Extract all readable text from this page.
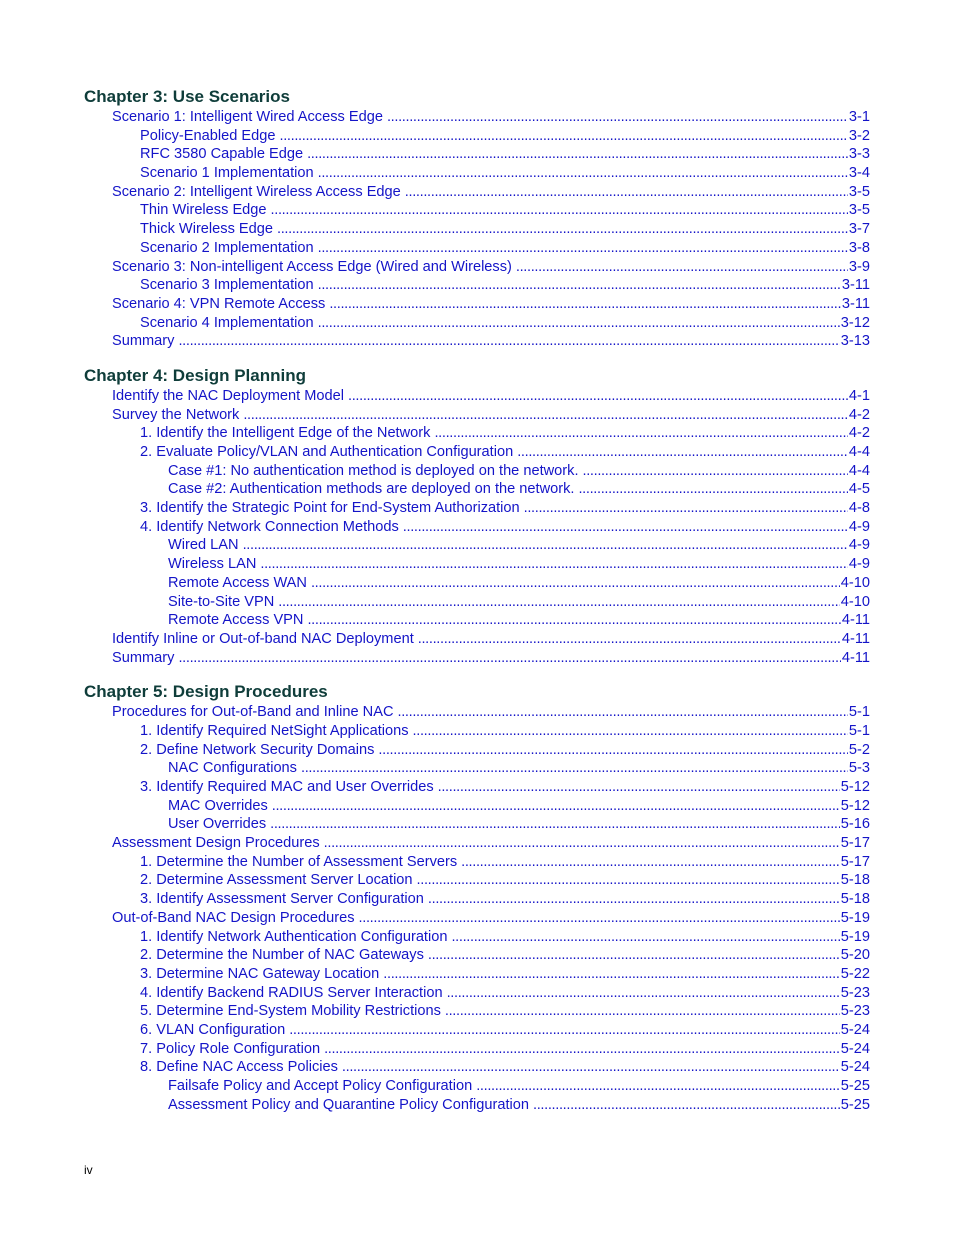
Chapter 3: Use Scenarios
Scenario 1: Intelligent Wired Access Edge . . .	3-1
Policy-Enabled Edge . . .	3-2
RFC 3580 Capable Edge . . .	3-3
Scenario 1 Implementation . . .	3-4
Scenario 2: Intelligent Wireless Access Edge . . .	3-5
Thin Wireless Edge . . .	3-5
Thick Wireless Edge . . .	3-7
Scenario 2 Implementation . . .	3-8
Scenario 3: Non-intelligent Access Edge (Wired and Wireless) . . .	3-9
Scenario 3 Implementation . . .	3-11
Scenario 4: VPN Remote Access . . .	3-11
Scenario 4 Implementation . . .	3-12
Summary . . .	3-13
Chapter 4: Design Planning
Identify the NAC Deployment Model . . .	4-1
Survey the Network . . .	4-2
1. Identify the Intelligent Edge of the Network . . .	4-2
2. Evaluate Policy/VLAN and Authentication Configuration . . .	4-4
Case #1: No authentication method is deployed on the network. . . .	4-4
Case #2: Authentication methods are deployed on the network. . . .	4-5
3. Identify the Strategic Point for End-System Authorization . . .	4-8
4. Identify Network Connection Methods . . .	4-9
Wired LAN . . .	4-9
Wireless LAN . . .	4-9
Remote Access WAN . . .	4-10
Site-to-Site VPN . . .	4-10
Remote Access VPN . . .	4-11
Identify Inline or Out-of-band NAC Deployment . . .	4-11
Summary . . .	4-11
Chapter 5: Design Procedures
Procedures for Out-of-Band and Inline NAC . . .	5-1
1. Identify Required NetSight Applications . . .	5-1
2. Define Network Security Domains . . .	5-2
NAC Configurations . . .	5-3
3. Identify Required MAC and User Overrides . . .	5-12
MAC Overrides . . .	5-12
User Overrides . . .	5-16
Assessment Design Procedures . . .	5-17
1. Determine the Number of Assessment Servers . . .	5-17
2. Determine Assessment Server Location . . .	5-18
3. Identify Assessment Server Configuration . . .	5-18
Out-of-Band NAC Design Procedures . . .	5-19
1. Identify Network Authentication Configuration . . .	5-19
2. Determine the Number of NAC Gateways . . .	5-20
3. Determine NAC Gateway Location . . .	5-22
4. Identify Backend RADIUS Server Interaction . . .	5-23
5. Determine End-System Mobility Restrictions . . .	5-23
6. VLAN Configuration . . .	5-24
7. Policy Role Configuration . . .	5-24
8. Define NAC Access Policies . . .	5-24
Failsafe Policy and Accept Policy Configuration . . .	5-25
Assessment Policy and Quarantine Policy Configuration . . .	5-25
iv
